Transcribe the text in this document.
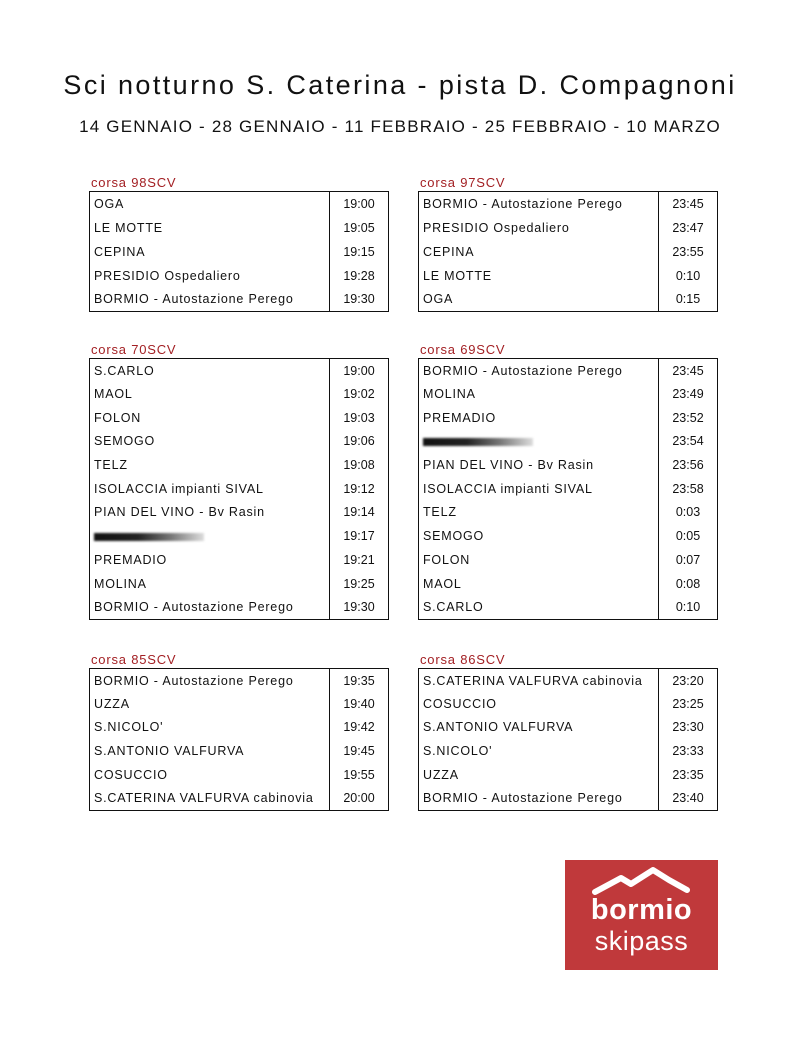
Sci notturno S. Caterina - pista D. Compagnoni
14 GENNAIO - 28 GENNAIO - 11 FEBBRAIO - 25 FEBBRAIO - 10 MARZO
corsa 98SCV
OGA	19:00
LE MOTTE	19:05
CEPINA	19:15
PRESIDIO Ospedaliero	19:28
BORMIO - Autostazione Perego	19:30
corsa 97SCV
BORMIO - Autostazione Perego	23:45
PRESIDIO Ospedaliero	23:47
CEPINA	23:55
LE MOTTE	0:10
OGA	0:15
corsa 70SCV
S.CARLO	19:00
MAOL	19:02
FOLON	19:03
SEMOGO	19:06
TELZ	19:08
ISOLACCIA impianti SIVAL	19:12
PIAN DEL VINO - Bv Rasin	19:14
	19:17
PREMADIO	19:21
MOLINA	19:25
BORMIO - Autostazione Perego	19:30
corsa 69SCV
BORMIO - Autostazione Perego	23:45
MOLINA	23:49
PREMADIO	23:52
	23:54
PIAN DEL VINO - Bv Rasin	23:56
ISOLACCIA impianti SIVAL	23:58
TELZ	0:03
SEMOGO	0:05
FOLON	0:07
MAOL	0:08
S.CARLO	0:10
corsa 85SCV
BORMIO - Autostazione Perego	19:35
UZZA	19:40
S.NICOLO'	19:42
S.ANTONIO VALFURVA	19:45
COSUCCIO	19:55
S.CATERINA VALFURVA cabinovia	20:00
corsa 86SCV
S.CATERINA VALFURVA cabinovia	23:20
COSUCCIO	23:25
S.ANTONIO VALFURVA	23:30
S.NICOLO'	23:33
UZZA	23:35
BORMIO - Autostazione Perego	23:40
bormio
skipass
